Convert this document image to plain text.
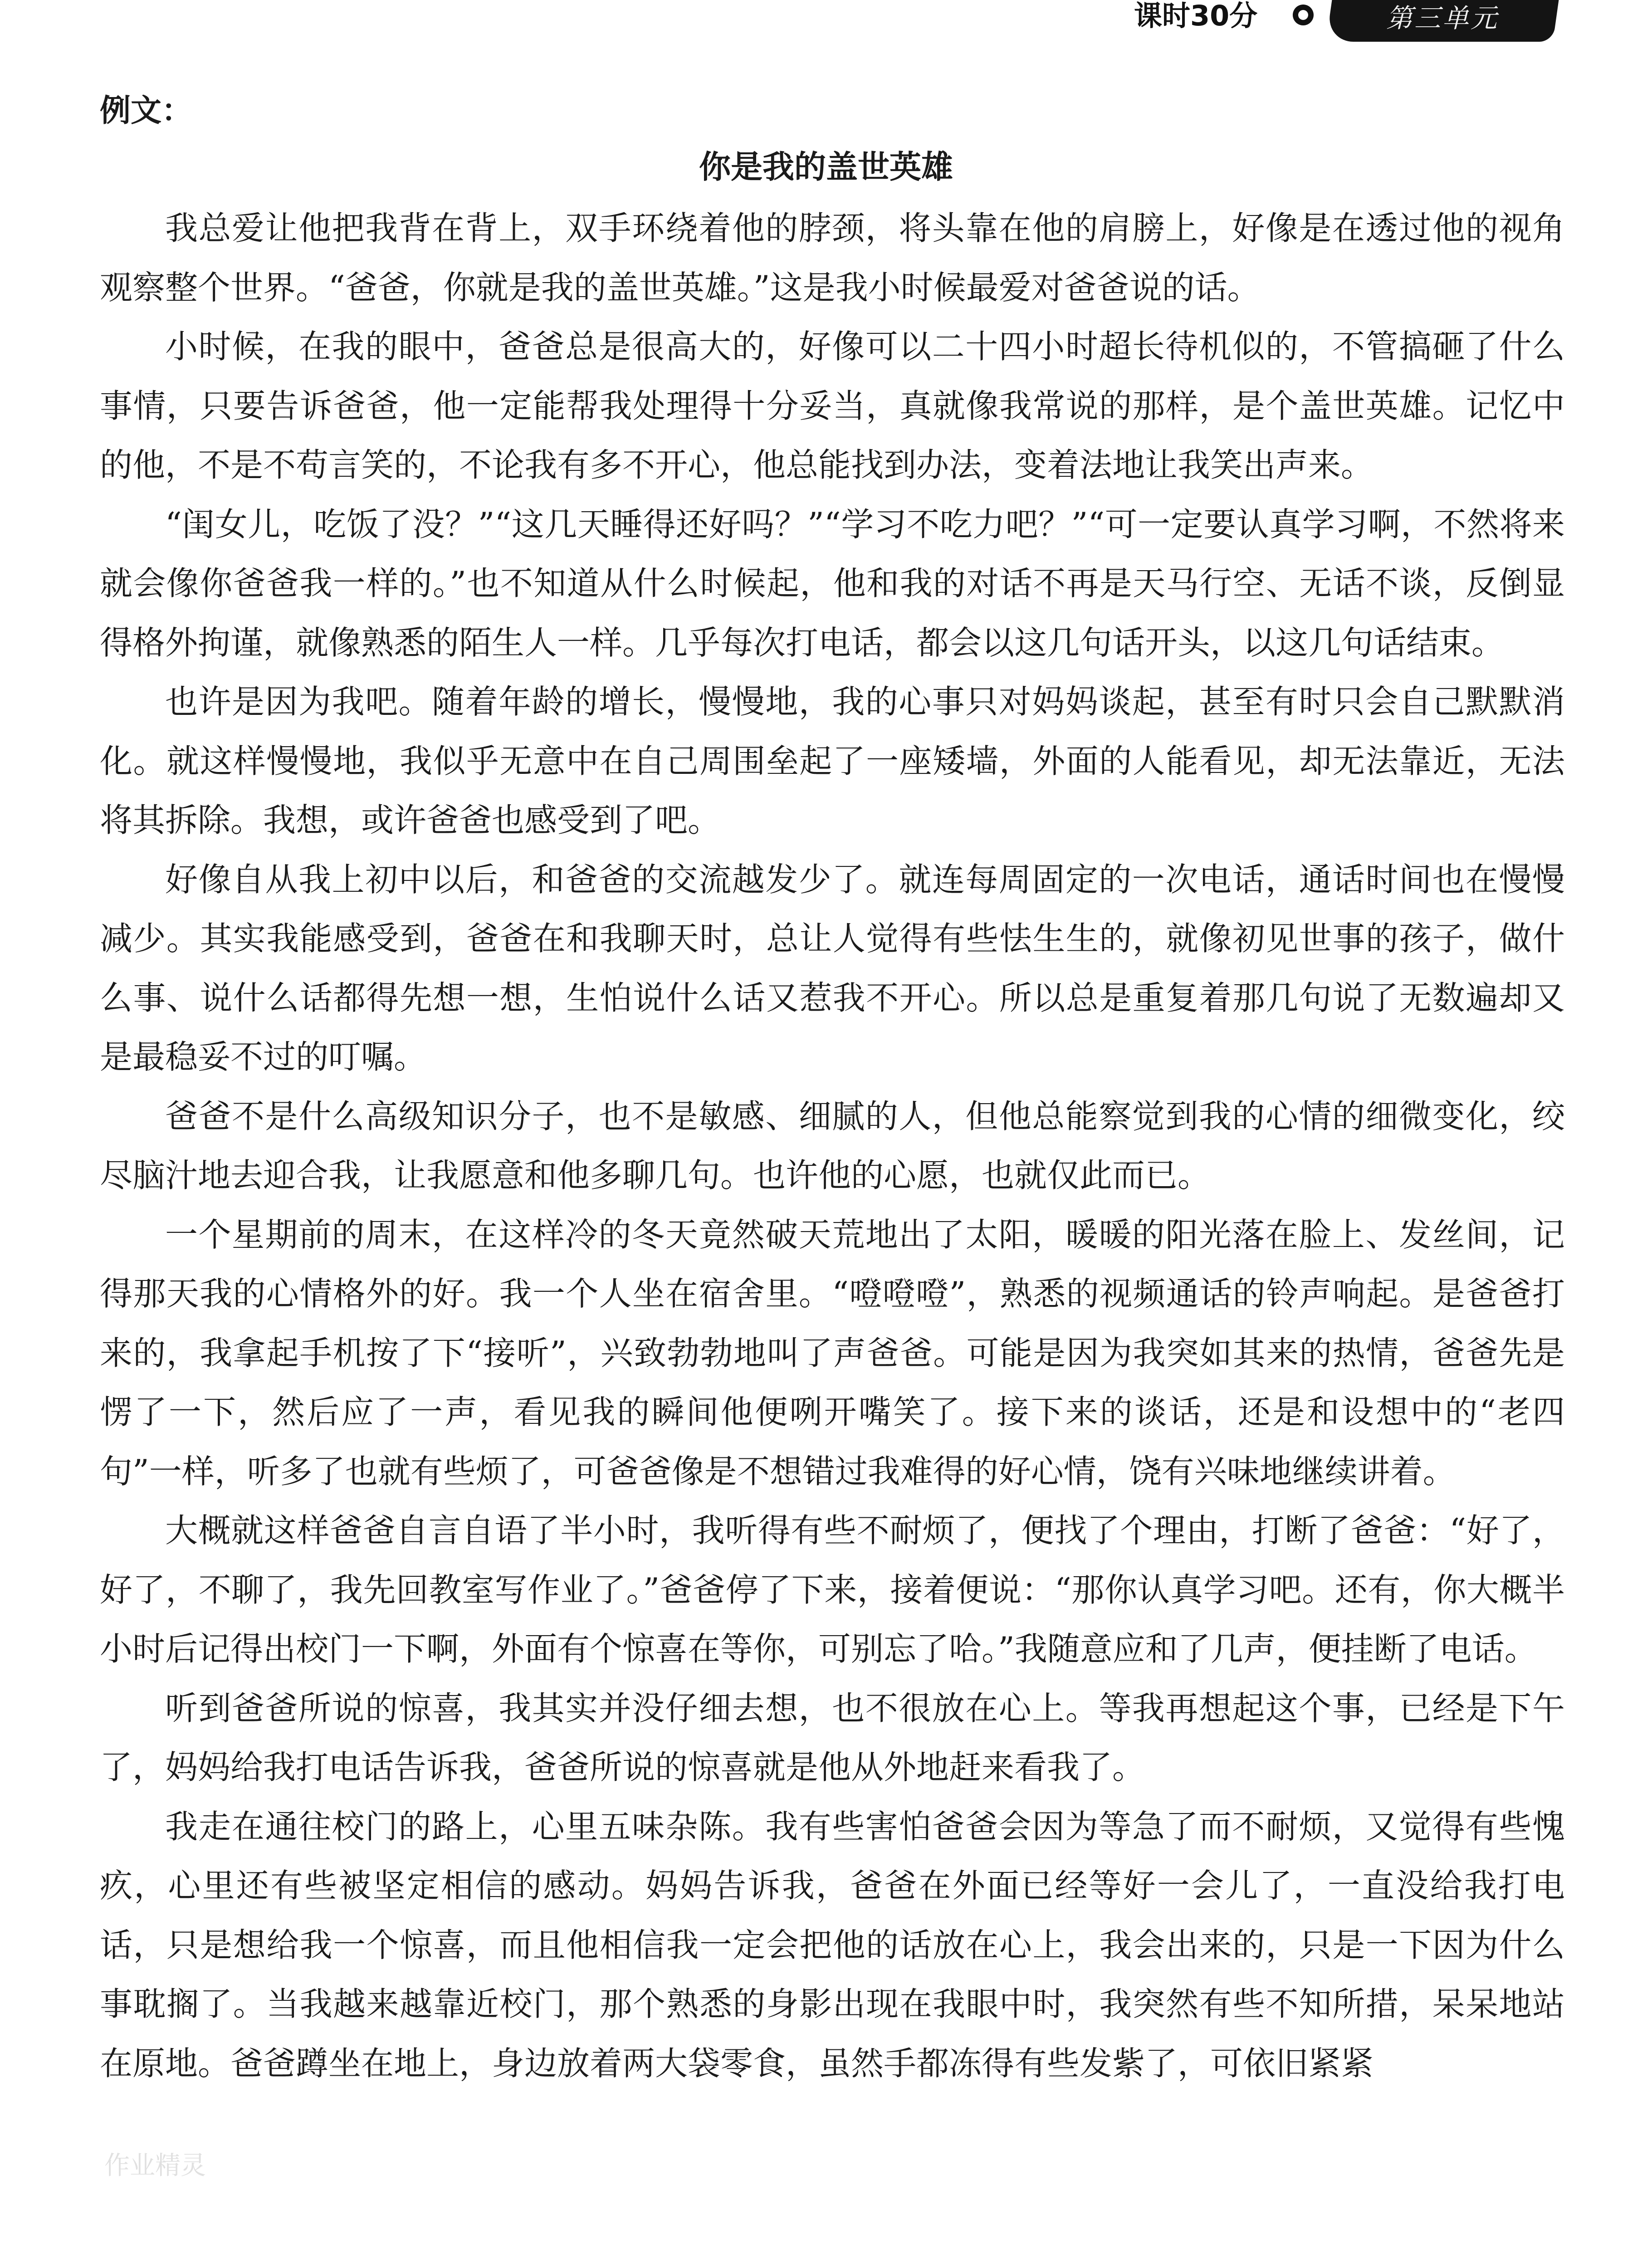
课时30分	第三单元
例文：
你是我的盖世英雄

我总爱让他把我背在背上，双手环绕着他的脖颈，将头靠在他的肩膀上，好像是在透过他的视角观察整个世界。“爸爸，你就是我的盖世英雄。”这是我小时候最爱对爸爸说的话。

小时候，在我的眼中，爸爸总是很高大的，好像可以二十四小时超长待机似的，不管搞砸了什么事情，只要告诉爸爸，他一定能帮我处理得十分妥当，真就像我常说的那样，是个盖世英雄。记忆中的他，不是不苟言笑的，不论我有多不开心，他总能找到办法，变着法地让我笑出声来。

“闺女儿，吃饭了没？”“这几天睡得还好吗？”“学习不吃力吧？”“可一定要认真学习啊，不然将来就会像你爸爸我一样的。”也不知道从什么时候起，他和我的对话不再是天马行空、无话不谈，反倒显得格外拘谨，就像熟悉的陌生人一样。几乎每次打电话，都会以这几句话开头，以这几句话结束。

也许是因为我吧。随着年龄的增长，慢慢地，我的心事只对妈妈谈起，甚至有时只会自己默默消化。就这样慢慢地，我似乎无意中在自己周围垒起了一座矮墙，外面的人能看见，却无法靠近，无法将其拆除。我想，或许爸爸也感受到了吧。

好像自从我上初中以后，和爸爸的交流越发少了。就连每周固定的一次电话，通话时间也在慢慢减少。其实我能感受到，爸爸在和我聊天时，总让人觉得有些怯生生的，就像初见世事的孩子，做什么事、说什么话都得先想一想，生怕说什么话又惹我不开心。所以总是重复着那几句说了无数遍却又是最稳妥不过的叮嘱。

爸爸不是什么高级知识分子，也不是敏感、细腻的人，但他总能察觉到我的心情的细微变化，绞尽脑汁地去迎合我，让我愿意和他多聊几句。也许他的心愿，也就仅此而已。

一个星期前的周末，在这样冷的冬天竟然破天荒地出了太阳，暖暖的阳光落在脸上、发丝间，记得那天我的心情格外的好。我一个人坐在宿舍里。“噔噔噔”，熟悉的视频通话的铃声响起。是爸爸打来的，我拿起手机按了下“接听”，兴致勃勃地叫了声爸爸。可能是因为我突如其来的热情，爸爸先是愣了一下，然后应了一声，看见我的瞬间他便咧开嘴笑了。接下来的谈话，还是和设想中的“老四句”一样，听多了也就有些烦了，可爸爸像是不想错过我难得的好心情，饶有兴味地继续讲着。

大概就这样爸爸自言自语了半小时，我听得有些不耐烦了，便找了个理由，打断了爸爸：“好了，好了，不聊了，我先回教室写作业了。”爸爸停了下来，接着便说：“那你认真学习吧。还有，你大概半小时后记得出校门一下啊，外面有个惊喜在等你，可别忘了哈。”我随意应和了几声，便挂断了电话。

听到爸爸所说的惊喜，我其实并没仔细去想，也不很放在心上。等我再想起这个事，已经是下午了，妈妈给我打电话告诉我，爸爸所说的惊喜就是他从外地赶来看我了。

我走在通往校门的路上，心里五味杂陈。我有些害怕爸爸会因为等急了而不耐烦，又觉得有些愧疚，心里还有些被坚定相信的感动。妈妈告诉我，爸爸在外面已经等好一会儿了，一直没给我打电话，只是想给我一个惊喜，而且他相信我一定会把他的话放在心上，我会出来的，只是一下因为什么事耽搁了。当我越来越靠近校门，那个熟悉的身影出现在我眼中时，我突然有些不知所措，呆呆地站在原地。爸爸蹲坐在地上，身边放着两大袋零食，虽然手都冻得有些发紫了，可依旧紧紧

作业精灵
